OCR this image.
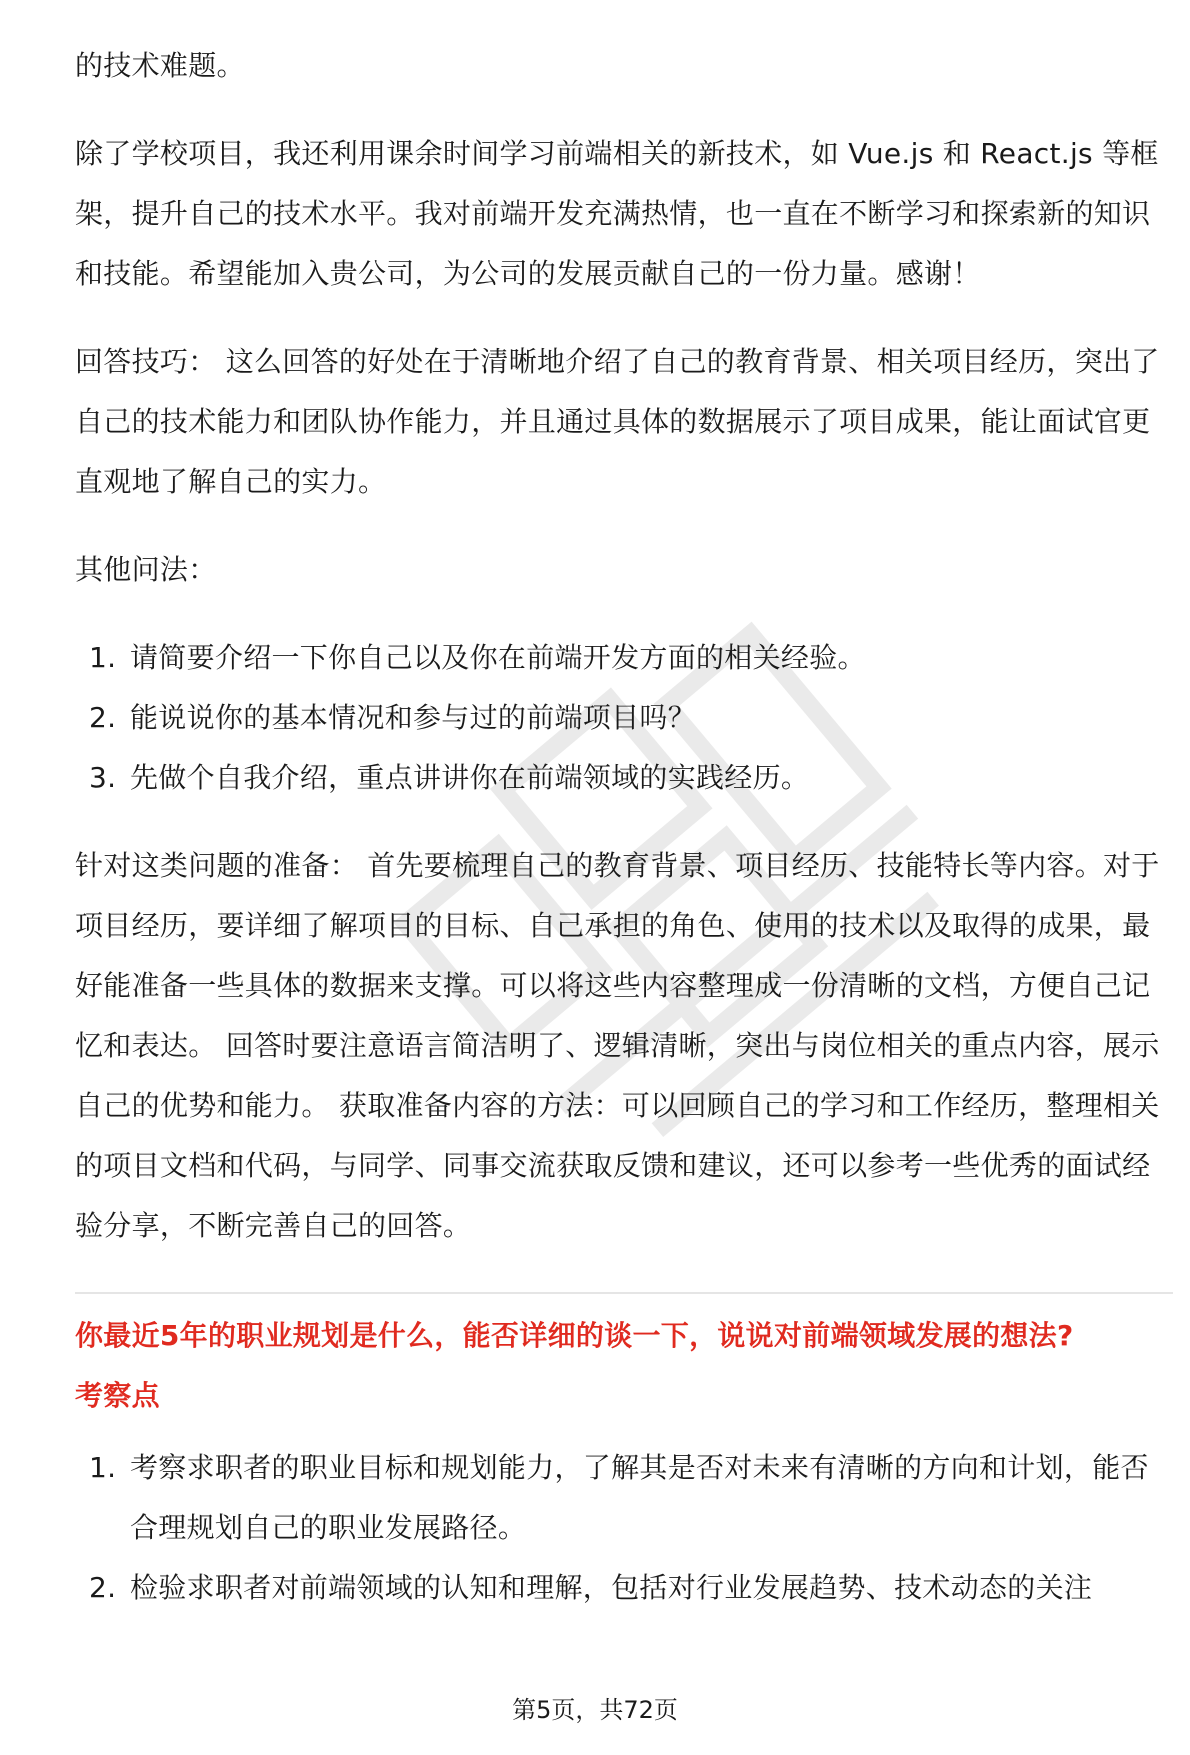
的技术难题。

除了学校项目，我还利用课余时间学习前端相关的新技术，如 Vue.js 和 React.js 等框架，提升自己的技术水平。我对前端开发充满热情，也一直在不断学习和探索新的知识和技能。希望能加入贵公司，为公司的发展贡献自己的一份力量。感谢！

回答技巧： 这么回答的好处在于清晰地介绍了自己的教育背景、相关项目经历，突出了自己的技术能力和团队协作能力，并且通过具体的数据展示了项目成果，能让面试官更直观地了解自己的实力。

其他问法：

1. 请简要介绍一下你自己以及你在前端开发方面的相关经验。
2. 能说说你的基本情况和参与过的前端项目吗？
3. 先做个自我介绍，重点讲讲你在前端领域的实践经历。

针对这类问题的准备： 首先要梳理自己的教育背景、项目经历、技能特长等内容。对于项目经历，要详细了解项目的目标、自己承担的角色、使用的技术以及取得的成果，最好能准备一些具体的数据来支撑。可以将这些内容整理成一份清晰的文档，方便自己记忆和表达。 回答时要注意语言简洁明了、逻辑清晰，突出与岗位相关的重点内容，展示自己的优势和能力。 获取准备内容的方法：可以回顾自己的学习和工作经历，整理相关的项目文档和代码，与同学、同事交流获取反馈和建议，还可以参考一些优秀的面试经验分享，不断完善自己的回答。

你最近5年的职业规划是什么，能否详细的谈一下，说说对前端领域发展的想法?
考察点
1. 考察求职者的职业目标和规划能力，了解其是否对未来有清晰的方向和计划，能否合理规划自己的职业发展路径。
2. 检验求职者对前端领域的认知和理解，包括对行业发展趋势、技术动态的关注
第5页，共72页
